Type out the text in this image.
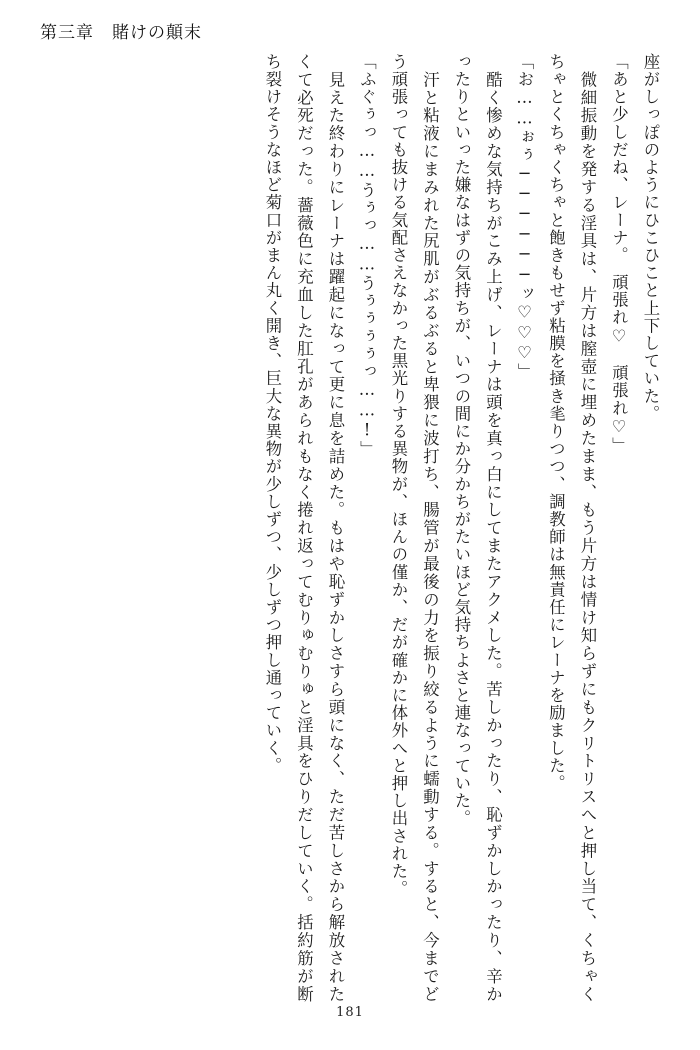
第三章 賭けの顛末

座がしっぽのようにひこひこと上下していた。

「あと少しだね、レーナ。　頑張れ♡　頑張れ♡」

　微細振動を発する淫具は、片方は膣壺に埋めたまま、もう片方は情け知らずにもクリトリスへと押し当て、くちゃくちゃとくちゃくちゃと飽きもせず粘膜を掻き毟りつつ、調教師は無責任にレーナを励ました。

「お……ぉぅ──────ッ♡♡♡」

　酷く惨めな気持ちがこみ上げ、レーナは頭を真っ白にしてまたアクメした。苦しかったり、恥ずかしかったり、辛かったりといった嫌なはずの気持ちが、いつの間にか分かちがたいほど気持ちよさと連なっていた。

　汗と粘液にまみれた尻肌がぶるぶると卑猥に波打ち、腸管が最後の力を振り絞るように蠕動する。すると、今までどう頑張っても抜ける気配さえなかった黒光りする異物が、ほんの僅か、だが確かに体外へと押し出された。

「ふぐぅっ……うぅっ……うぅぅぅぅっ……!」

　見えた終わりにレーナは躍起になって更に息を詰めた。もはや恥ずかしさすら頭になく、ただ苦しさから解放されたくて必死だった。薔薇色に充血した肛孔があられもなく捲れ返ってむりゅむりゅと淫具をひりだしていく。括約筋が断ち裂けそうなほど菊口がまん丸く開き、巨大な異物が少しずつ、少しずつ押し通っていく。

181
